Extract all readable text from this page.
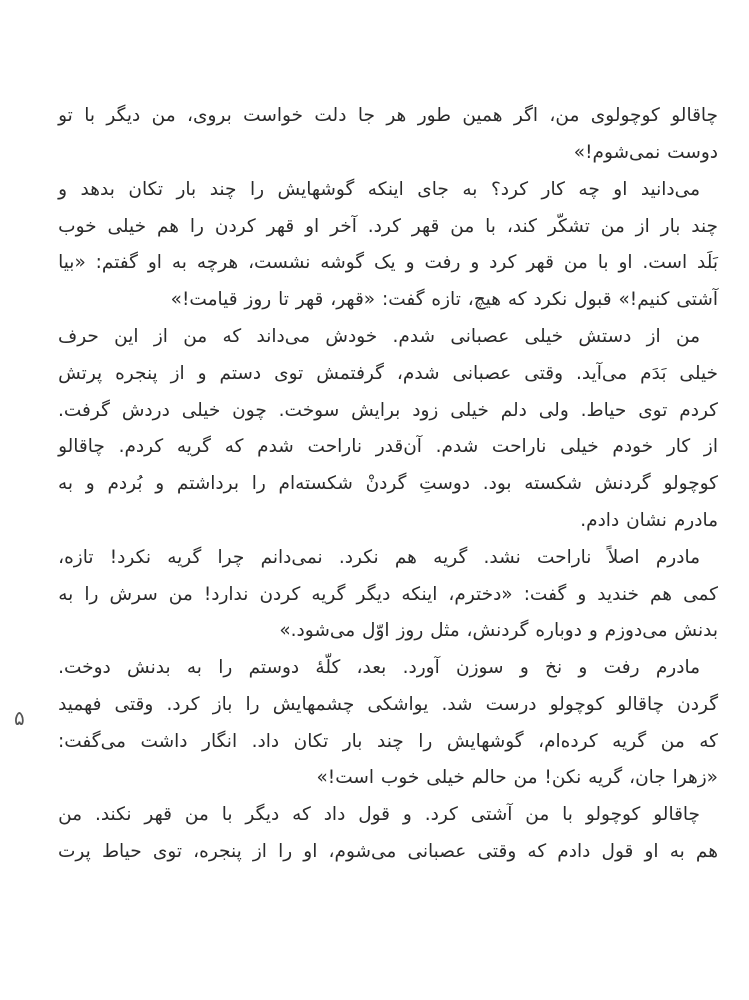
چاقالو
کوچولوی
من،
اگر
همین
طور
هر
جا
دلت
خواست
بروی،
من
دیگر
با
تو
دوست نمی‌شوم!»
می‌دانید
او
چه
کار
کرد؟
به
جای
اینکه
گوشهایش
را
چند
بار
تکان
بدهد
و
چند
بار
از
من
تشکّر
کند،
با
من
قهر
کرد.
آخر
او
قهر
کردن
را
هم
خیلی
خوب
بَلَد
است.
او
با
من
قهر
کرد
و
رفت
و
یک
گوشه
نشست،
هرچه
به
او
گفتم:
«بیا
آشتی کنیم!» قبول نکرد که هیچ، تازه گفت: «قهر، قهر تا روز قیامت!»
من
از
دستش
خیلی
عصبانی
شدم.
خودش
می‌داند
که
من
از
این
حرف
خیلی
بَدَم
می‌آید.
وقتی
عصبانی
شدم،
گرفتمش
توی
دستم
و
از
پنجره
پرتش
کردم
توی
حیاط.
ولی
دلم
خیلی
زود
برایش
سوخت.
چون
خیلی
دردش
گرفت.
از
کار
خودم
خیلی
ناراحت
شدم.
آن‌قدر
ناراحت
شدم
که
گریه
کردم.
چاقالو
کوچولو
گردنش
شکسته
بود.
دوستِ
گردنْ
شکسته‌ام
را
برداشتم
و
بُردم
و
به
مادرم نشان دادم.
مادرم
اصلاً
ناراحت
نشد.
گریه
هم
نکرد.
نمی‌دانم
چرا
گریه
نکرد!
تازه،
کمی
هم
خندید
و
گفت:
«دخترم،
اینکه
دیگر
گریه
کردن
ندارد!
من
سرش
را
به
بدنش می‌دوزم و دوباره گردنش، مثل روز اوّل می‌شود.»
مادرم
رفت
و
نخ
و
سوزن
آورد.
بعد،
کلّهٔ
دوستم
را
به
بدنش
دوخت.
گردن
چاقالو
کوچولو
درست
شد.
یواشکی
چشمهایش
را
باز
کرد.
وقتی
فهمید
که
من
گریه
کرده‌ام،
گوشهایش
را
چند
بار
تکان
داد.
انگار
داشت
می‌گفت:
«زهرا جان، گریه نکن! من حالم خیلی خوب است!»
چاقالو
کوچولو
با
من
آشتی
کرد.
و
قول
داد
که
دیگر
با
من
قهر
نکند.
من
هم
به
او
قول
دادم
که
وقتی
عصبانی
می‌شوم،
او
را
از
پنجره،
توی
حیاط
پرت
۵
